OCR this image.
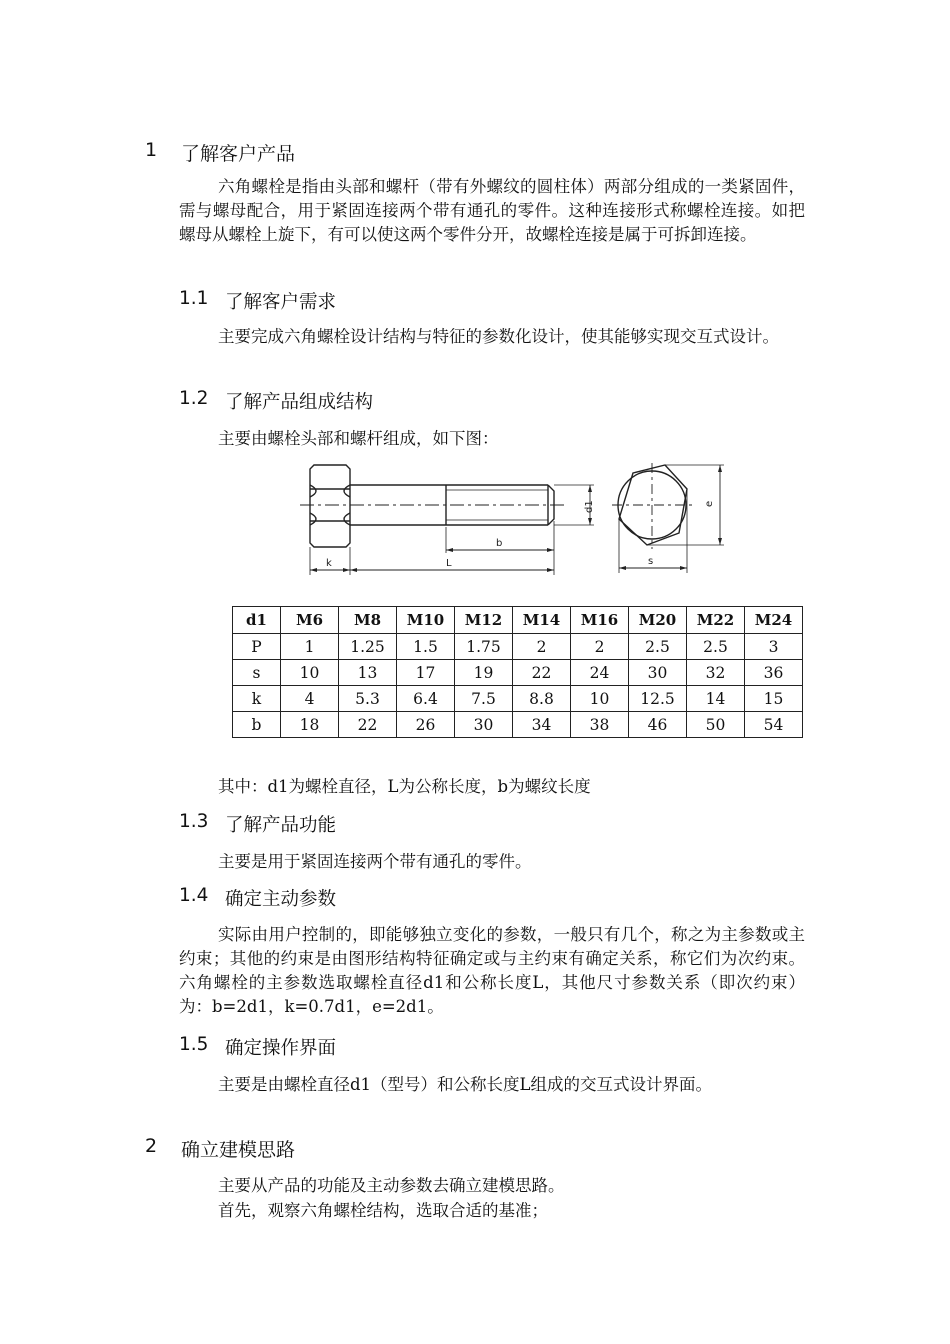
1 了解客户产品
六角螺栓是指由头部和螺杆（带有外螺纹的圆柱体）两部分组成的一类紧固件，需与螺母配合，用于紧固连接两个带有通孔的零件。这种连接形式称螺栓连接。如把螺母从螺栓上旋下，有可以使这两个零件分开，故螺栓连接是属于可拆卸连接。
1.1 了解客户需求
主要完成六角螺栓设计结构与特征的参数化设计，使其能够实现交互式设计。
1.2 了解产品组成结构
主要由螺栓头部和螺杆组成，如下图：
b
k	L
d1
s
e
d1	M6	M8	M10	M12	M14	M16	M20	M22	M24
P	1	1.25	1.5	1.75	2	2	2.5	2.5	3
s	10	13	17	19	22	24	30	32	36
k	4	5.3	6.4	7.5	8.8	10	12.5	14	15
b	18	22	26	30	34	38	46	50	54
其中：d1为螺栓直径，L为公称长度，b为螺纹长度
1.3 了解产品功能
主要是用于紧固连接两个带有通孔的零件。
1.4 确定主动参数
实际由用户控制的，即能够独立变化的参数，一般只有几个，称之为主参数或主约束；其他的约束是由图形结构特征确定或与主约束有确定关系，称它们为次约束。六角螺栓的主参数选取螺栓直径d1和公称长度L，其他尺寸参数关系（即次约束）为：b=2d1，k=0.7d1，e=2d1。
1.5 确定操作界面
主要是由螺栓直径d1（型号）和公称长度L组成的交互式设计界面。
2 确立建模思路
主要从产品的功能及主动参数去确立建模思路。
首先，观察六角螺栓结构，选取合适的基准；
